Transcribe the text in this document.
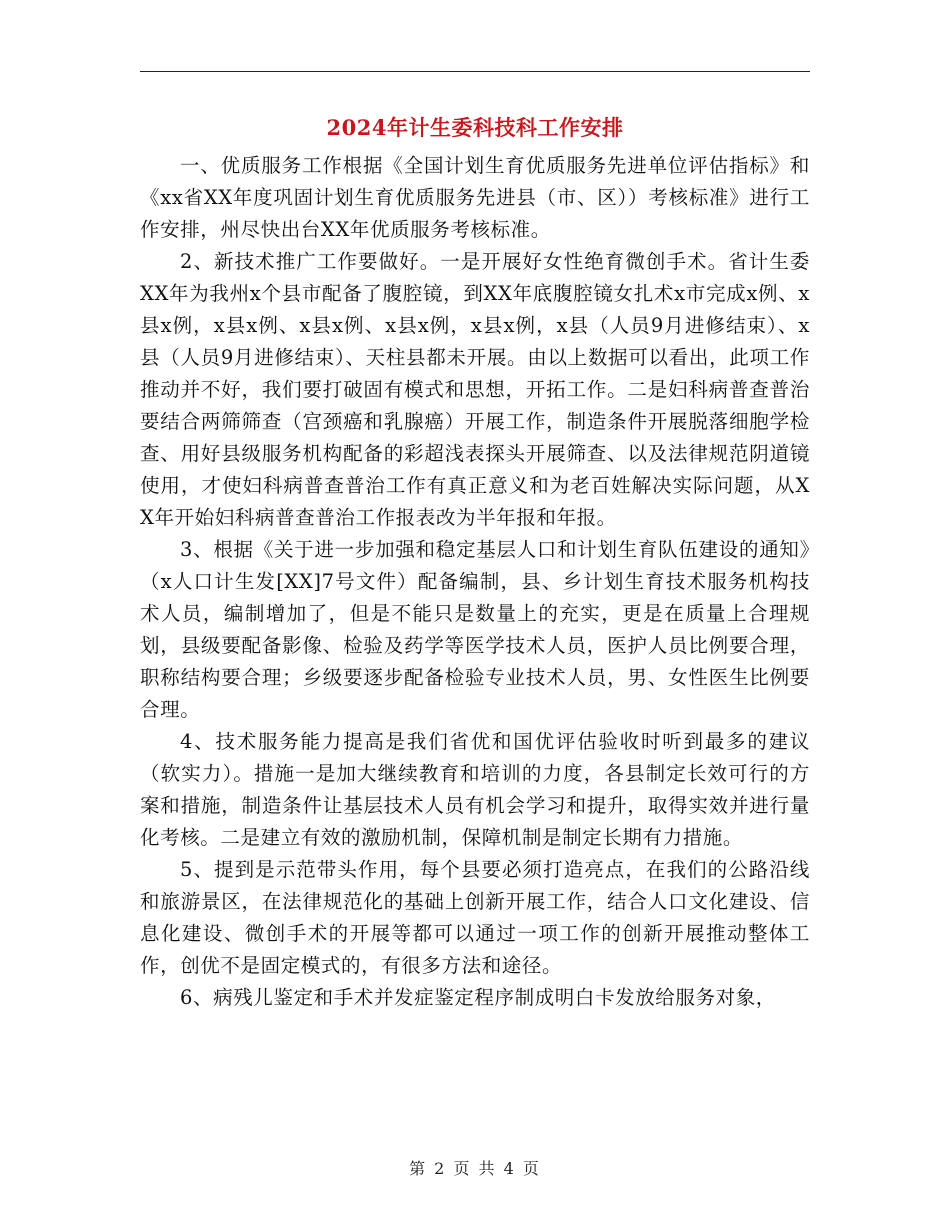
2024年计生委科技科工作安排

一、优质服务工作根据《全国计划生育优质服务先进单位评估指标》和《xx省XX年度巩固计划生育优质服务先进县（市、区））考核标准》进行工作安排，州尽快出台XX年优质服务考核标准。

2、新技术推广工作要做好。一是开展好女性绝育微创手术。省计生委XX年为我州x个县市配备了腹腔镜，到XX年底腹腔镜女扎术x市完成x例、x县x例，x县x例、x县x例、x县x例，x县x例，x县（人员9月进修结束）、x县（人员9月进修结束）、天柱县都未开展。由以上数据可以看出，此项工作推动并不好，我们要打破固有模式和思想，开拓工作。二是妇科病普查普治要结合两筛筛查（宫颈癌和乳腺癌）开展工作，制造条件开展脱落细胞学检查、用好县级服务机构配备的彩超浅表探头开展筛查、以及法律规范阴道镜使用，才使妇科病普查普治工作有真正意义和为老百姓解决实际问题，从XX年开始妇科病普查普治工作报表改为半年报和年报。

3、根据《关于进一步加强和稳定基层人口和计划生育队伍建设的通知》（x人口计生发[XX]7号文件）配备编制，县、乡计划生育技术服务机构技术人员，编制增加了，但是不能只是数量上的充实，更是在质量上合理规划，县级要配备影像、检验及药学等医学技术人员，医护人员比例要合理，职称结构要合理；乡级要逐步配备检验专业技术人员，男、女性医生比例要合理。

4、技术服务能力提高是我们省优和国优评估验收时听到最多的建议（软实力）。措施一是加大继续教育和培训的力度，各县制定长效可行的方案和措施，制造条件让基层技术人员有机会学习和提升，取得实效并进行量化考核。二是建立有效的激励机制，保障机制是制定长期有力措施。

5、提到是示范带头作用，每个县要必须打造亮点，在我们的公路沿线和旅游景区，在法律规范化的基础上创新开展工作，结合人口文化建设、信息化建设、微创手术的开展等都可以通过一项工作的创新开展推动整体工作，创优不是固定模式的，有很多方法和途径。

6、病残儿鉴定和手术并发症鉴定程序制成明白卡发放给服务对象，

第 2 页 共 4 页
